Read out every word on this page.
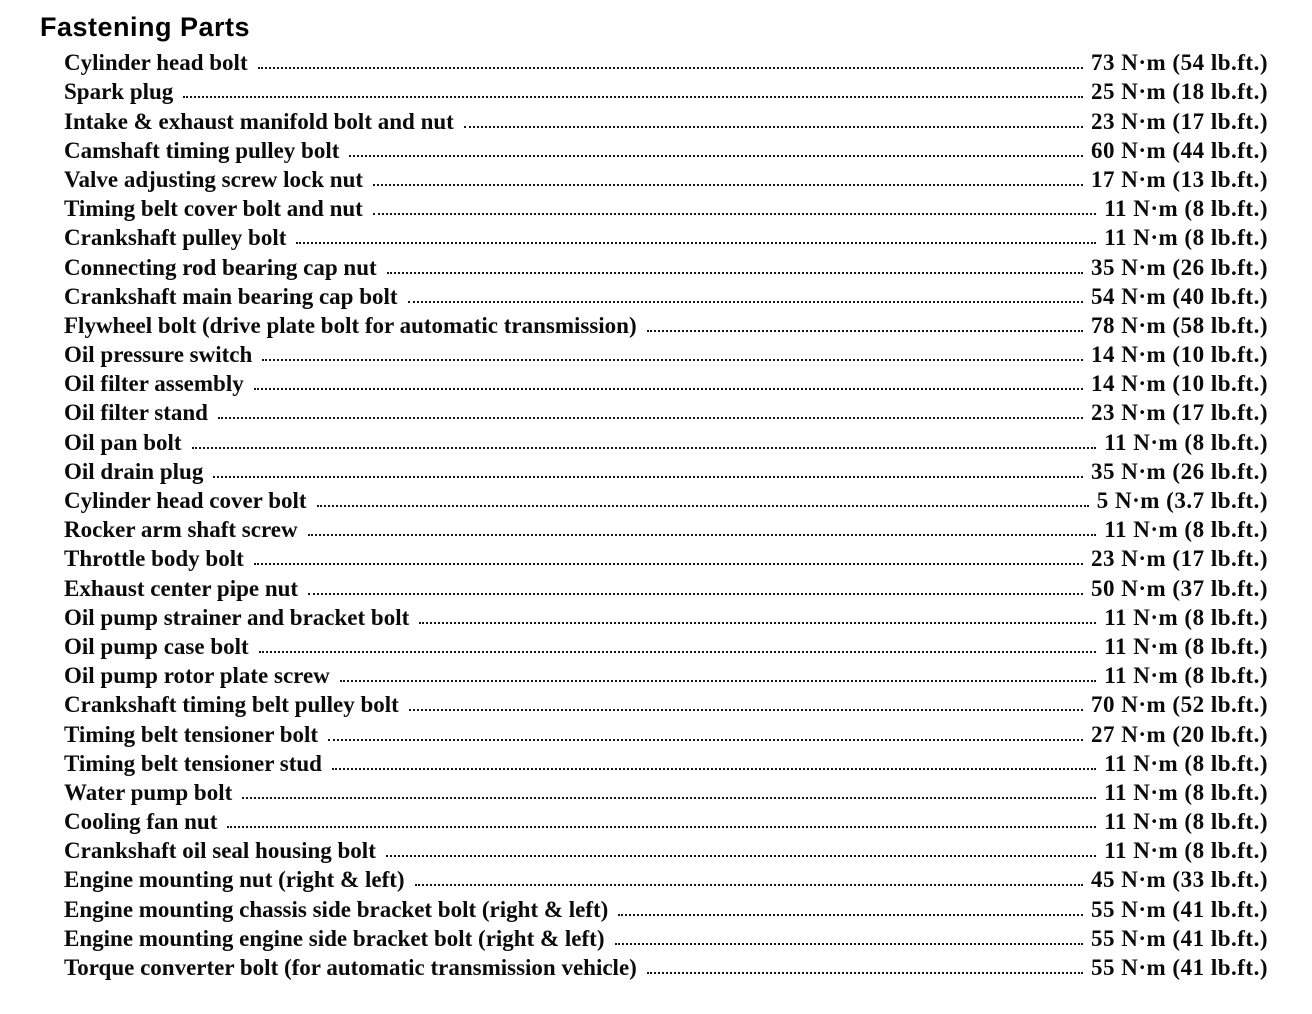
Fastening Parts
Cylinder head bolt	73 N·m (54 lb.ft.)
Spark plug	25 N·m (18 lb.ft.)
Intake & exhaust manifold bolt and nut	23 N·m (17 lb.ft.)
Camshaft timing pulley bolt	60 N·m (44 lb.ft.)
Valve adjusting screw lock nut	17 N·m (13 lb.ft.)
Timing belt cover bolt and nut	11 N·m (8 lb.ft.)
Crankshaft pulley bolt	11 N·m (8 lb.ft.)
Connecting rod bearing cap nut	35 N·m (26 lb.ft.)
Crankshaft main bearing cap bolt	54 N·m (40 lb.ft.)
Flywheel bolt (drive plate bolt for automatic transmission)	78 N·m (58 lb.ft.)
Oil pressure switch	14 N·m (10 lb.ft.)
Oil filter assembly	14 N·m (10 lb.ft.)
Oil filter stand	23 N·m (17 lb.ft.)
Oil pan bolt	11 N·m (8 lb.ft.)
Oil drain plug	35 N·m (26 lb.ft.)
Cylinder head cover bolt	5 N·m (3.7 lb.ft.)
Rocker arm shaft screw	11 N·m (8 lb.ft.)
Throttle body bolt	23 N·m (17 lb.ft.)
Exhaust center pipe nut	50 N·m (37 lb.ft.)
Oil pump strainer and bracket bolt	11 N·m (8 lb.ft.)
Oil pump case bolt	11 N·m (8 lb.ft.)
Oil pump rotor plate screw	11 N·m (8 lb.ft.)
Crankshaft timing belt pulley bolt	70 N·m (52 lb.ft.)
Timing belt tensioner bolt	27 N·m (20 lb.ft.)
Timing belt tensioner stud	11 N·m (8 lb.ft.)
Water pump bolt	11 N·m (8 lb.ft.)
Cooling fan nut	11 N·m (8 lb.ft.)
Crankshaft oil seal housing bolt	11 N·m (8 lb.ft.)
Engine mounting nut (right & left)	45 N·m (33 lb.ft.)
Engine mounting chassis side bracket bolt (right & left)	55 N·m (41 lb.ft.)
Engine mounting engine side bracket bolt (right & left)	55 N·m (41 lb.ft.)
Torque converter bolt (for automatic transmission vehicle)	55 N·m (41 lb.ft.)
